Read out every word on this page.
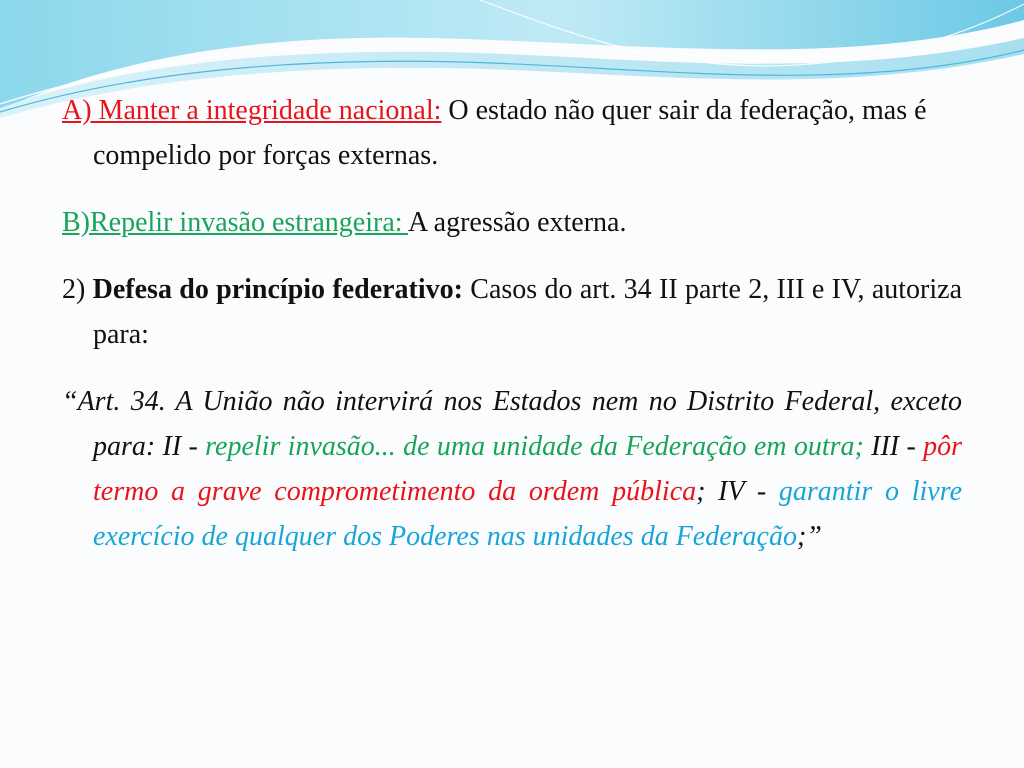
A) Manter a integridade nacional: O estado não quer sair da federação, mas é compelido por forças externas.

B)Repelir invasão estrangeira: A agressão externa.

2) Defesa do princípio federativo: Casos do art. 34 II parte 2, III e IV, autoriza para:

“Art. 34. A União não intervirá nos Estados nem no Distrito Federal, exceto para: II - repelir invasão... de uma unidade da Federação em outra; III - pôr termo a grave comprometimento da ordem pública; IV - garantir o livre exercício de qualquer dos Poderes nas unidades da Federação;”
